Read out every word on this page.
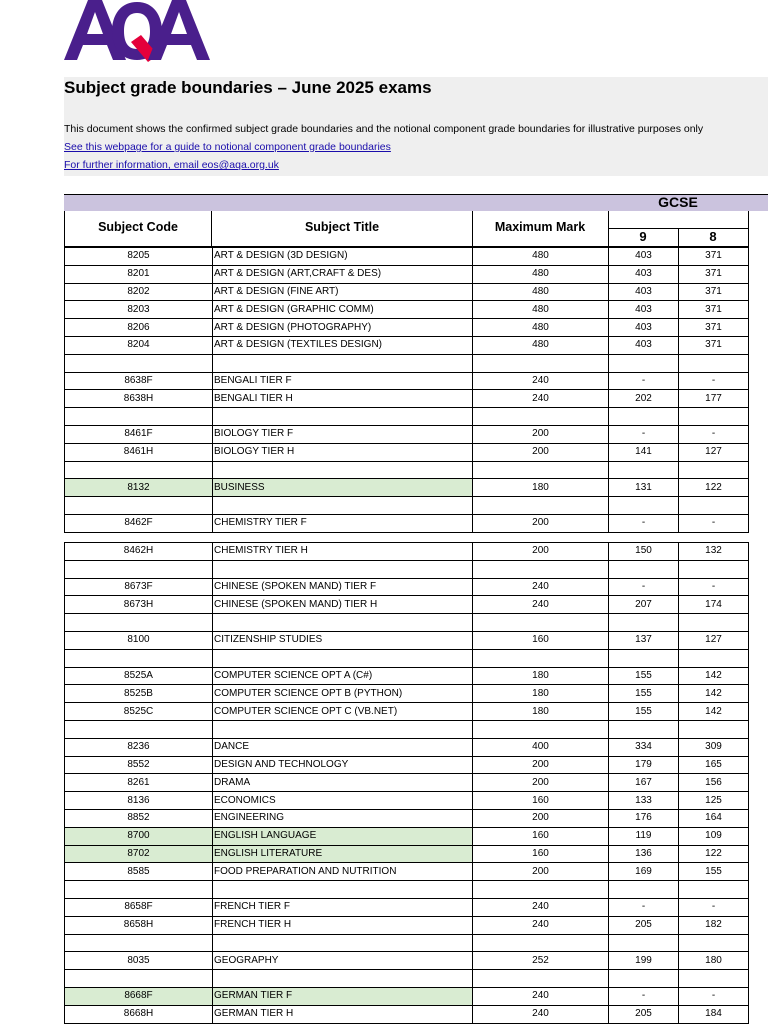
Subject grade boundaries – June 2025 exams
This document shows the confirmed subject grade boundaries and the notional component grade boundaries for illustrative purposes only
See this webpage for a guide to notional component grade boundaries
For further information, email eos@aqa.org.uk
GCSE
Subject Code	Subject Title	Maximum Mark
9	8
8205	ART & DESIGN (3D DESIGN)	480	403	371
8201	ART & DESIGN (ART,CRAFT & DES)	480	403	371
8202	ART & DESIGN (FINE ART)	480	403	371
8203	ART & DESIGN (GRAPHIC COMM)	480	403	371
8206	ART & DESIGN (PHOTOGRAPHY)	480	403	371
8204	ART & DESIGN (TEXTILES DESIGN)	480	403	371

8638F	BENGALI TIER F	240	-	-
8638H	BENGALI TIER H	240	202	177

8461F	BIOLOGY TIER F	200	-	-
8461H	BIOLOGY TIER H	200	141	127

8132	BUSINESS	180	131	122

8462F	CHEMISTRY TIER F	200	-	-
8462H	CHEMISTRY TIER H	200	150	132

8673F	CHINESE (SPOKEN MAND) TIER F	240	-	-
8673H	CHINESE (SPOKEN MAND) TIER H	240	207	174

8100	CITIZENSHIP STUDIES	160	137	127

8525A	COMPUTER SCIENCE OPT A (C#)	180	155	142
8525B	COMPUTER SCIENCE OPT B (PYTHON)	180	155	142
8525C	COMPUTER SCIENCE OPT C (VB.NET)	180	155	142

8236	DANCE	400	334	309
8552	DESIGN AND TECHNOLOGY	200	179	165
8261	DRAMA	200	167	156
8136	ECONOMICS	160	133	125
8852	ENGINEERING	200	176	164
8700	ENGLISH LANGUAGE	160	119	109
8702	ENGLISH LITERATURE	160	136	122
8585	FOOD PREPARATION AND NUTRITION	200	169	155

8658F	FRENCH TIER F	240	-	-
8658H	FRENCH TIER H	240	205	182

8035	GEOGRAPHY	252	199	180

8668F	GERMAN TIER F	240	-	-
8668H	GERMAN TIER H	240	205	184
